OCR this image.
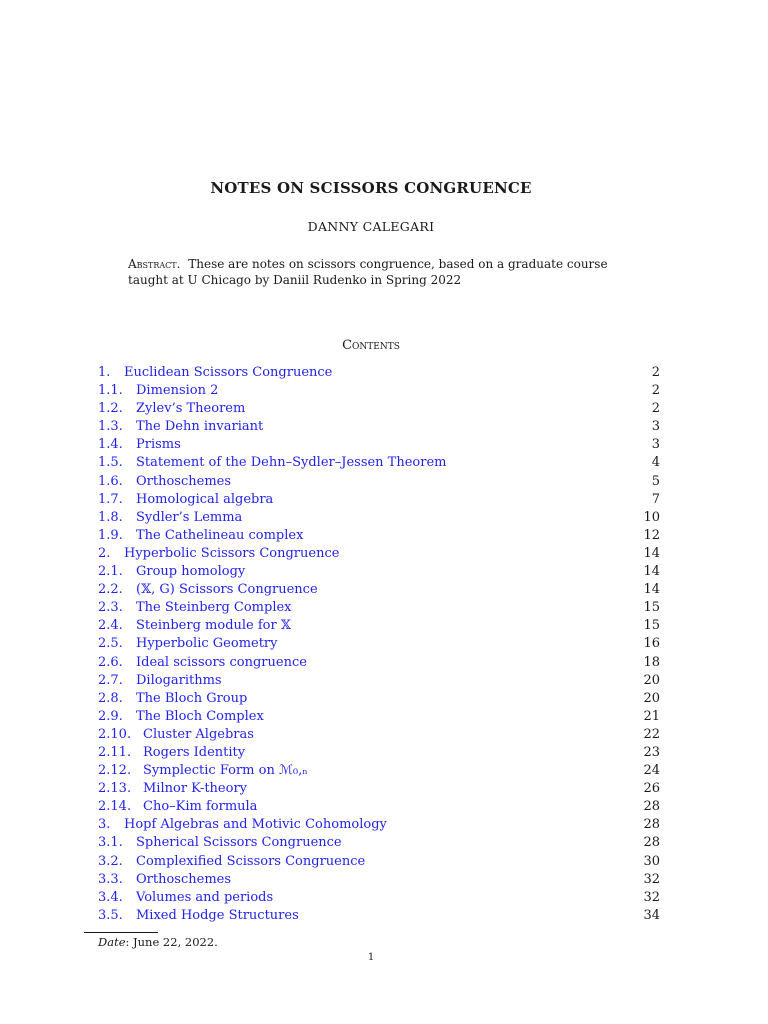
NOTES ON SCISSORS CONGRUENCE
DANNY CALEGARI
Abstract. These are notes on scissors congruence, based on a graduate course taught at U Chicago by Daniil Rudenko in Spring 2022
Contents
1.	Euclidean Scissors Congruence	2
1.1.	Dimension 2	2
1.2.	Zylev’s Theorem	2
1.3.	The Dehn invariant	3
1.4.	Prisms	3
1.5.	Statement of the Dehn–Sydler–Jessen Theorem	4
1.6.	Orthoschemes	5
1.7.	Homological algebra	7
1.8.	Sydler’s Lemma	10
1.9.	The Cathelineau complex	12
2.	Hyperbolic Scissors Congruence	14
2.1.	Group homology	14
2.2.	(𝕏, G) Scissors Congruence	14
2.3.	The Steinberg Complex	15
2.4.	Steinberg module for 𝕏	15
2.5.	Hyperbolic Geometry	16
2.6.	Ideal scissors congruence	18
2.7.	Dilogarithms	20
2.8.	The Bloch Group	20
2.9.	The Bloch Complex	21
2.10. Cluster Algebras	22
2.11. Rogers Identity	23
2.12. Symplectic Form on ℳ₀,ₙ	24
2.13. Milnor K-theory	26
2.14. Cho–Kim formula	28
3.	Hopf Algebras and Motivic Cohomology	28
3.1.	Spherical Scissors Congruence	28
3.2.	Complexified Scissors Congruence	30
3.3.	Orthoschemes	32
3.4.	Volumes and periods	32
3.5.	Mixed Hodge Structures	34
Date: June 22, 2022.
1
